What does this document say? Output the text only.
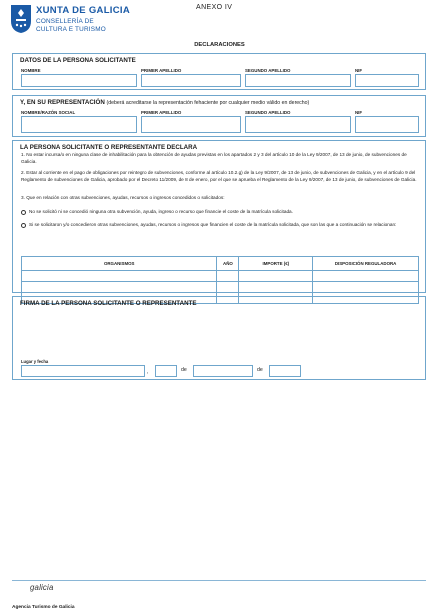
XUNTA DE GALICIA
CONSELLERÍA DE
CULTURA E TURISMO
ANEXO IV
DECLARACIONES
DATOS DE LA PERSONA SOLICITANTE
NOMBRE	PRIMER APELLIDO	SEGUNDO APELLIDO	NIF
Y, EN SU REPRESENTACIÓN (deberá acreditarse la representación fehaciente por cualquier medio válido en derecho)
NOMBRE/RAZÓN SOCIAL	PRIMER APELLIDO	SEGUNDO APELLIDO	NIF
LA PERSONA SOLICITANTE O REPRESENTANTE DECLARA
1. No estar incursa/o en ninguna clase de inhabilitación para la obtención de ayudas previstas en los apartados 2 y 3 del artículo 10 de la Ley 9/2007, de 13 de junio, de subvenciones de Galicia.
2. Estar al corriente en el pago de obligaciones por reintegro de subvenciones, conforme al artículo 10.2.g) de la Ley 9/2007, de 13 de junio, de subvenciones de Galicia, y en el artículo 9 del Reglamento de subvenciones de Galicia, aprobado por el Decreto 11/2009, de 8 de enero, por el que se aprueba el Reglamento de la Ley 9/2007, de 13 de junio, de subvenciones de Galicia.
3. Que en relación con otras subvenciones, ayudas, recursos o ingresos concedidos o solicitados:
No se solicitó ni se concedió ninguna otra subvención, ayuda, ingreso o recurso que financie el coste de la matrícula solicitada.
Si se solicitaron y/o concedieron otras subvenciones, ayudas, recursos o ingresos que financien el coste de la matrícula solicitada, que son las que a continuación se relacionan:
ORGANISMOS	AÑO	IMPORTE (€)	DISPOSICIÓN REGULADORA

FIRMA DE LA PERSONA SOLICITANTE O REPRESENTANTE
Lugar y fecha
,	de	de
galicia
Agencia Turismo de Galicia
